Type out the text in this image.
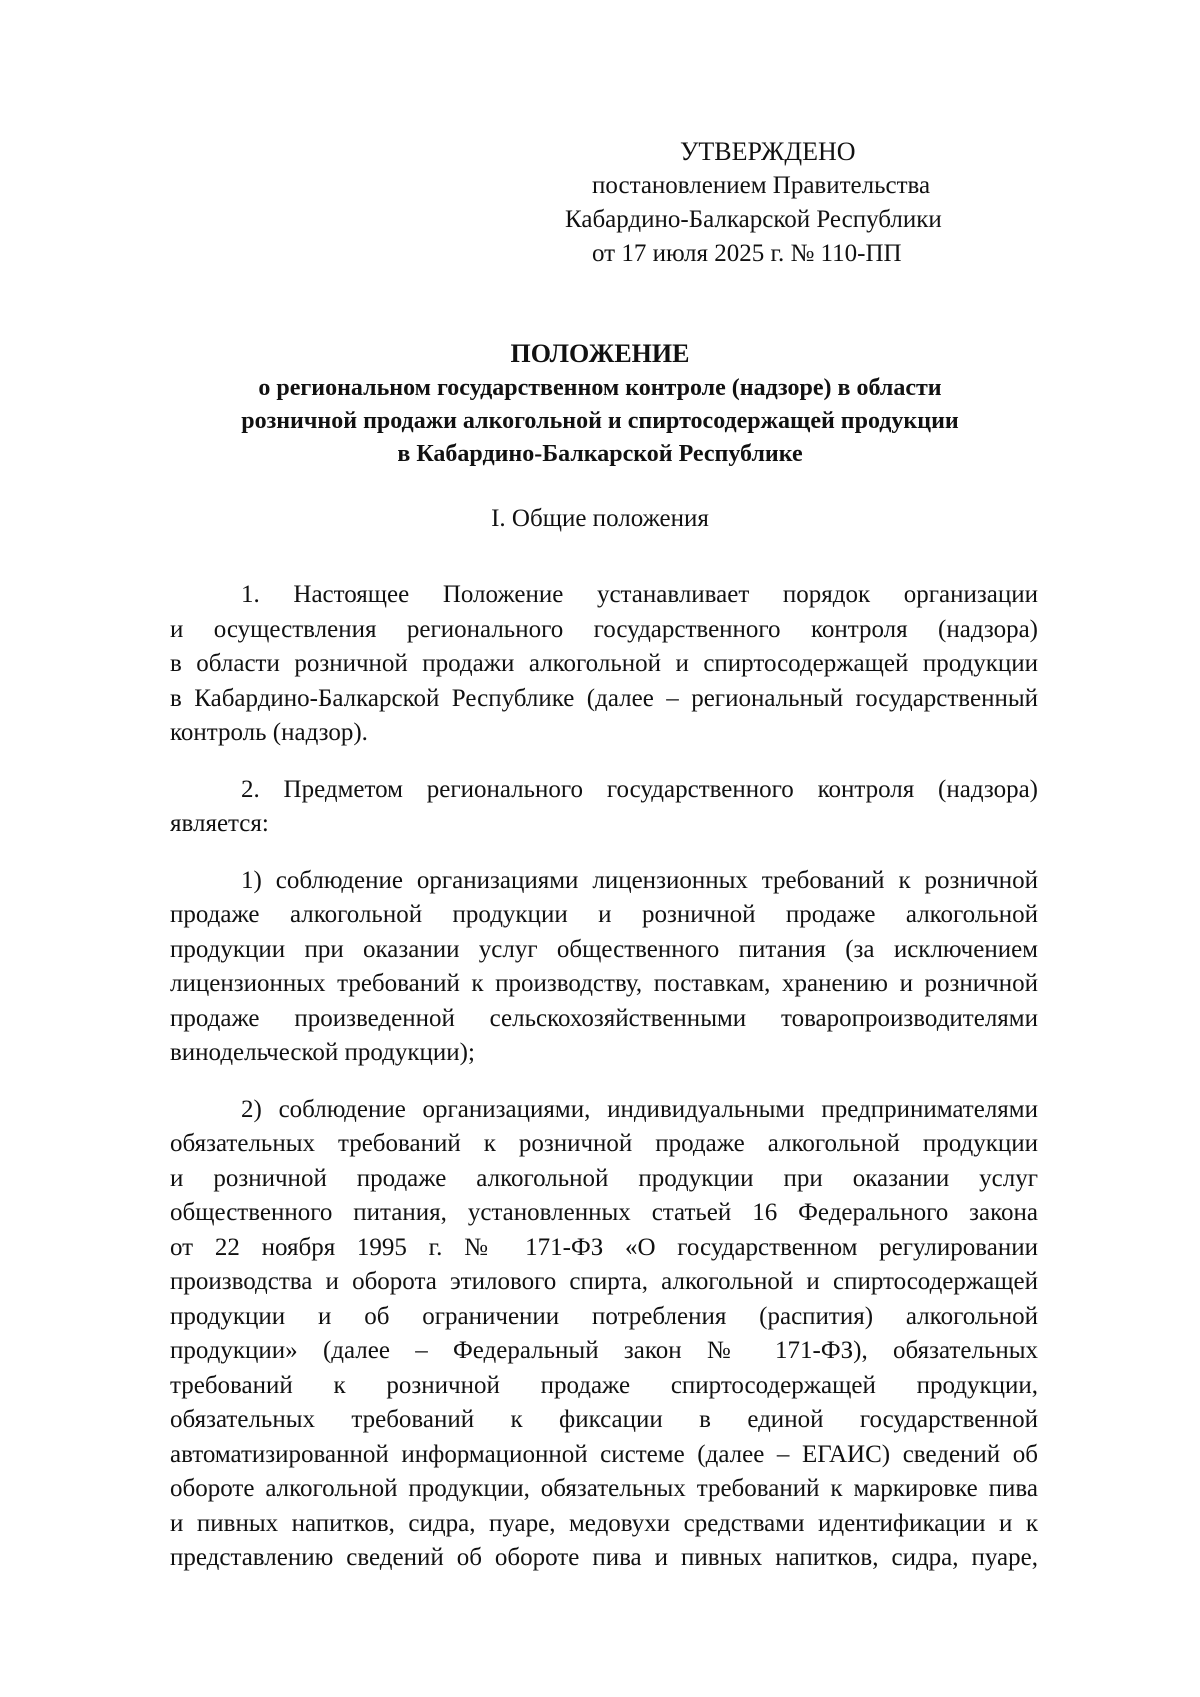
УТВЕРЖДЕНО
постановлением Правительства
Кабардино-Балкарской Республики
от 17 июля 2025 г. № 110-ПП
ПОЛОЖЕНИЕ
о региональном государственном контроле (надзоре) в области
розничной продажи алкогольной и спиртосодержащей продукции
в Кабардино-Балкарской Республике
I. Общие положения

1. Настоящее Положение устанавливает порядок организации
и осуществления регионального государственного контроля (надзора)
в области розничной продажи алкогольной и спиртосодержащей продукции
в Кабардино-Балкарской Республике (далее – региональный государственный
контроль (надзор).

2. Предметом регионального государственного контроля (надзора)
является:

1) соблюдение организациями лицензионных требований к розничной
продаже алкогольной продукции и розничной продаже алкогольной
продукции при оказании услуг общественного питания (за исключением
лицензионных требований к производству, поставкам, хранению и розничной
продаже произведенной сельскохозяйственными товаропроизводителями
винодельческой продукции);

2) соблюдение организациями, индивидуальными предпринимателями
обязательных требований к розничной продаже алкогольной продукции
и розничной продаже алкогольной продукции при оказании услуг
общественного питания, установленных статьей 16 Федерального закона
от 22 ноября 1995 г. № 171-ФЗ «О государственном регулировании
производства и оборота этилового спирта, алкогольной и спиртосодержащей
продукции и об ограничении потребления (распития) алкогольной
продукции» (далее – Федеральный закон № 171-ФЗ), обязательных
требований к розничной продаже спиртосодержащей продукции,
обязательных требований к фиксации в единой государственной
автоматизированной информационной системе (далее – ЕГАИС) сведений об
обороте алкогольной продукции, обязательных требований к маркировке пива
и пивных напитков, сидра, пуаре, медовухи средствами идентификации и к
представлению сведений об обороте пива и пивных напитков, сидра, пуаре,
